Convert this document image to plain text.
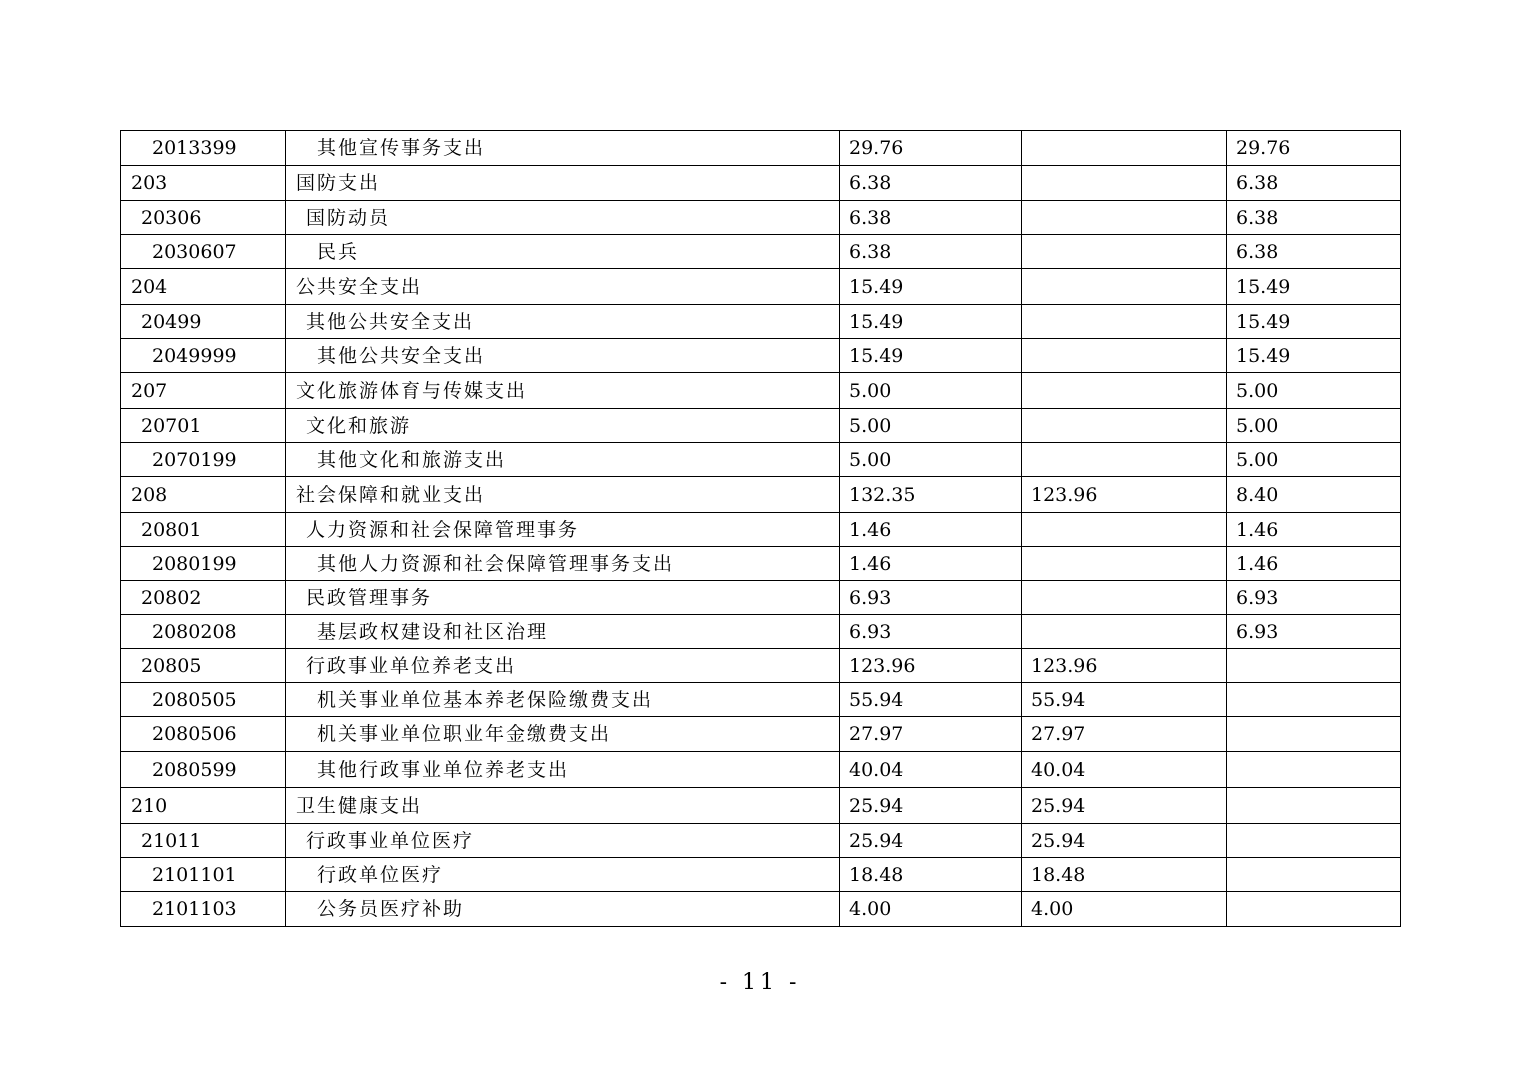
2013399	其他宣传事务支出	29.76		29.76
203	国防支出	6.38		6.38
20306	国防动员	6.38		6.38
2030607	民兵	6.38		6.38
204	公共安全支出	15.49		15.49
20499	其他公共安全支出	15.49		15.49
2049999	其他公共安全支出	15.49		15.49
207	文化旅游体育与传媒支出	5.00		5.00
20701	文化和旅游	5.00		5.00
2070199	其他文化和旅游支出	5.00		5.00
208	社会保障和就业支出	132.35	123.96	8.40
20801	人力资源和社会保障管理事务	1.46		1.46
2080199	其他人力资源和社会保障管理事务支出	1.46		1.46
20802	民政管理事务	6.93		6.93
2080208	基层政权建设和社区治理	6.93		6.93
20805	行政事业单位养老支出	123.96	123.96	
2080505	机关事业单位基本养老保险缴费支出	55.94	55.94	
2080506	机关事业单位职业年金缴费支出	27.97	27.97	
2080599	其他行政事业单位养老支出	40.04	40.04	
210	卫生健康支出	25.94	25.94	
21011	行政事业单位医疗	25.94	25.94	
2101101	行政单位医疗	18.48	18.48	
2101103	公务员医疗补助	4.00	4.00	
- 11 -
